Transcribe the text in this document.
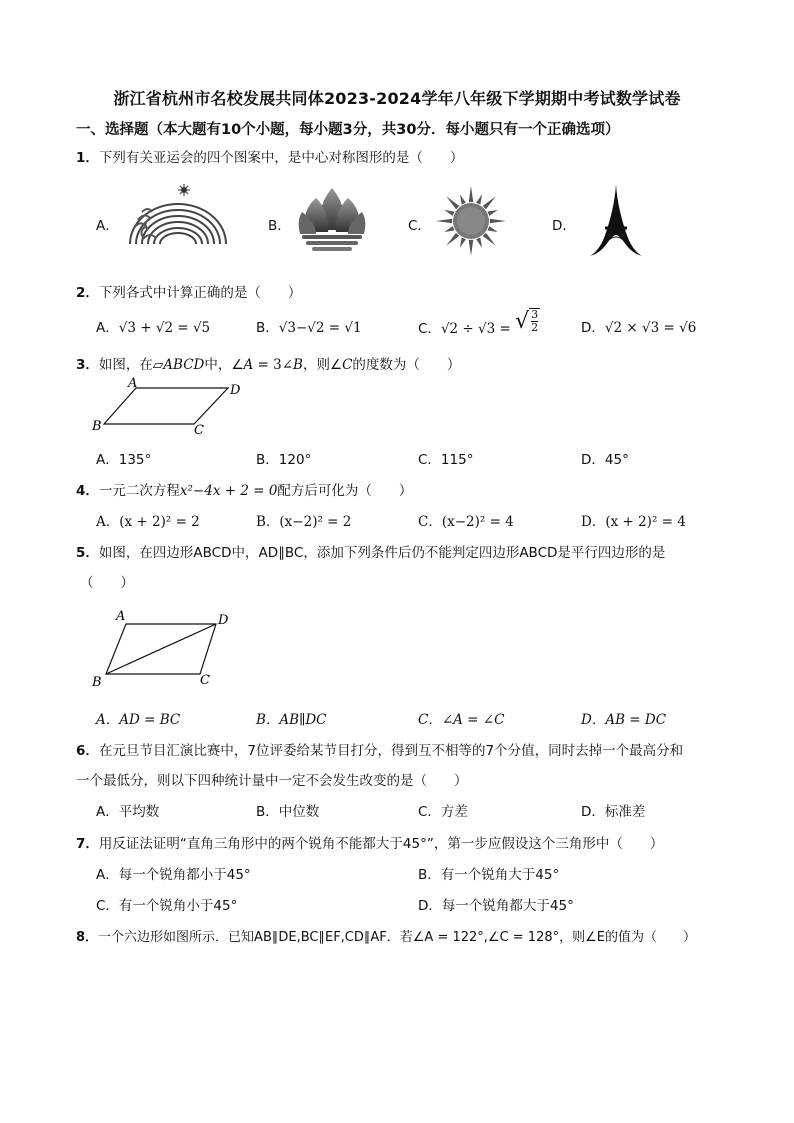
浙江省杭州市名校发展共同体2023-2024学年八年级下学期期中考试数学试卷
一、选择题（本大题有10个小题，每小题3分，共30分．每小题只有一个正确选项）
1．下列有关亚运会的四个图案中，是中心对称图形的是（　　）
A．	B．	C．	D．
2．下列各式中计算正确的是（　　）
A．√3 + √2 = √5	B．√3−√2 = √1	C．√2 ÷ √3 = √ $\frac{3}{2}$	D．√2 × √3 = √6
3．如图，在▱ABCD中，∠A = 3∠B，则∠C的度数为（　　）
A	D
B	C
A．135°	B．120°	C．115°	D．45°
4．一元二次方程x²−4x + 2 = 0配方后可化为（　　）
A．(x + 2)² = 2	B．(x−2)² = 2	C．(x−2)² = 4	D．(x + 2)² = 4
5．如图，在四边形ABCD中，AD∥BC，添加下列条件后仍不能判定四边形ABCD是平行四边形的是
（　　）
A	D
B	C
A．AD = BC	B．AB∥DC	C．∠A = ∠C	D．AB = DC
6．在元旦节目汇演比赛中，7位评委给某节目打分，得到互不相等的7个分值，同时去掉一个最高分和
一个最低分，则以下四种统计量中一定不会发生改变的是（　　）
A．平均数	B．中位数	C．方差	D．标准差
7．用反证法证明“直角三角形中的两个锐角不能都大于45°”，第一步应假设这个三角形中（　　）
A．每一个锐角都小于45°	B．有一个锐角大于45°
C．有一个锐角小于45°	D．每一个锐角都大于45°
8．一个六边形如图所示．已知AB∥DE,BC∥EF,CD∥AF．若∠A = 122°,∠C = 128°，则∠E的值为（　　）
